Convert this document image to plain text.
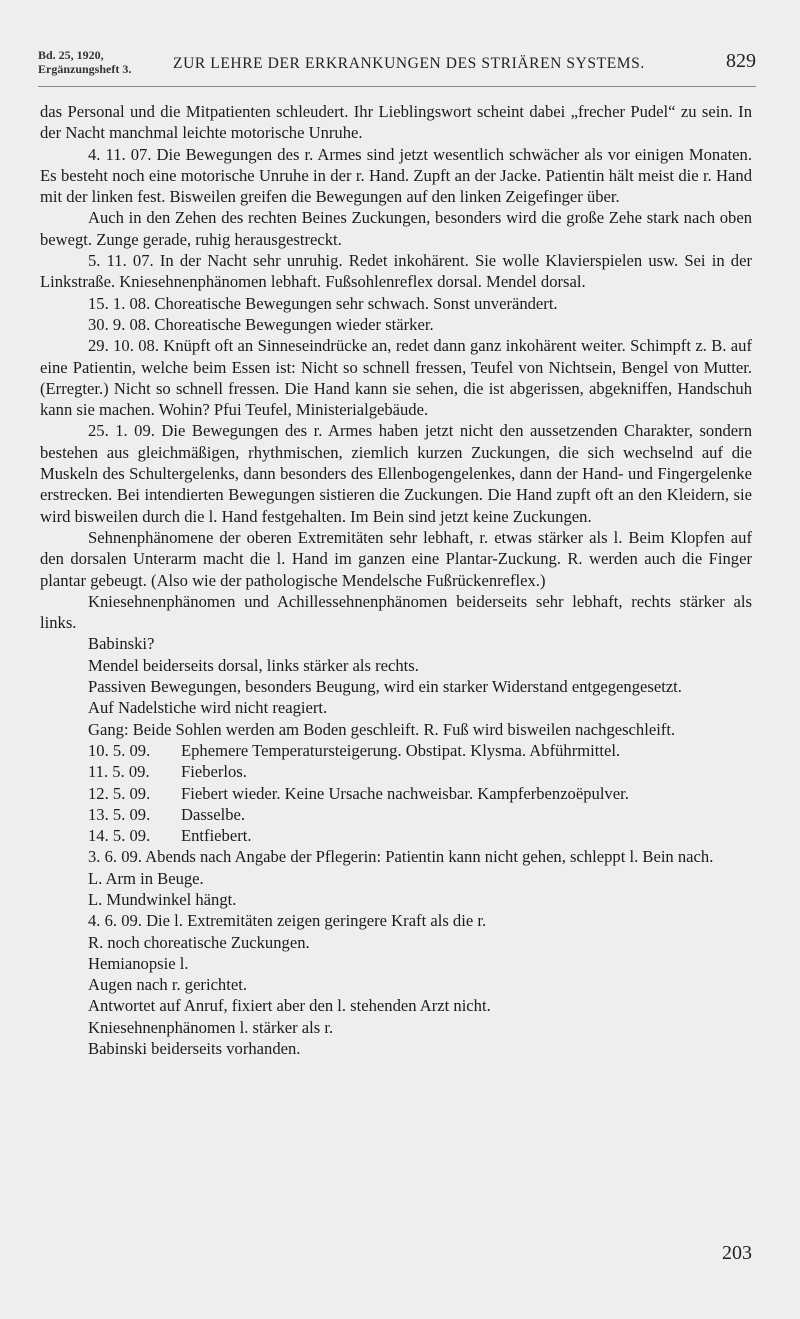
Bd. 25, 1920,
Ergänzungsheft 3.	ZUR LEHRE DER ERKRANKUNGEN DES STRIÄREN SYSTEMS.	829

das Personal und die Mitpatienten schleudert. Ihr Lieblingswort scheint dabei „frecher Pudel“ zu sein. In der Nacht manchmal leichte motorische Unruhe.

4. 11. 07. Die Bewegungen des r. Armes sind jetzt wesentlich schwächer als vor einigen Monaten. Es besteht noch eine motorische Unruhe in der r. Hand. Zupft an der Jacke. Patientin hält meist die r. Hand mit der linken fest. Bisweilen greifen die Bewegungen auf den linken Zeigefinger über.

Auch in den Zehen des rechten Beines Zuckungen, besonders wird die große Zehe stark nach oben bewegt. Zunge gerade, ruhig herausgestreckt.

5. 11. 07. In der Nacht sehr unruhig. Redet inkohärent. Sie wolle Klavierspielen usw. Sei in der Linkstraße. Kniesehnenphänomen lebhaft. Fußsohlenreflex dorsal. Mendel dorsal.

15. 1. 08. Choreatische Bewegungen sehr schwach. Sonst unverändert.

30. 9. 08. Choreatische Bewegungen wieder stärker.

29. 10. 08. Knüpft oft an Sinneseindrücke an, redet dann ganz inkohärent weiter. Schimpft z. B. auf eine Patientin, welche beim Essen ist: Nicht so schnell fressen, Teufel von Nichtsein, Bengel von Mutter. (Erregter.) Nicht so schnell fressen. Die Hand kann sie sehen, die ist abgerissen, abgekniffen, Handschuh kann sie machen. Wohin? Pfui Teufel, Ministerialgebäude.

25. 1. 09. Die Bewegungen des r. Armes haben jetzt nicht den aussetzenden Charakter, sondern bestehen aus gleichmäßigen, rhythmischen, ziemlich kurzen Zuckungen, die sich wechselnd auf die Muskeln des Schultergelenks, dann besonders des Ellenbogengelenkes, dann der Hand- und Fingergelenke erstrecken. Bei intendierten Bewegungen sistieren die Zuckungen. Die Hand zupft oft an den Kleidern, sie wird bisweilen durch die l. Hand festgehalten. Im Bein sind jetzt keine Zuckungen.

Sehnenphänomene der oberen Extremitäten sehr lebhaft, r. etwas stärker als l. Beim Klopfen auf den dorsalen Unterarm macht die l. Hand im ganzen eine Plantar-Zuckung. R. werden auch die Finger plantar gebeugt. (Also wie der pathologische Mendelsche Fußrückenreflex.)

Kniesehnenphänomen und Achillessehnenphänomen beiderseits sehr lebhaft, rechts stärker als links.

Babinski?

Mendel beiderseits dorsal, links stärker als rechts.

Passiven Bewegungen, besonders Beugung, wird ein starker Widerstand entgegengesetzt.

Auf Nadelstiche wird nicht reagiert.

Gang: Beide Sohlen werden am Boden geschleift. R. Fuß wird bisweilen nachgeschleift.

10. 5. 09. Ephemere Temperatursteigerung. Obstipat. Klysma. Abführmittel.
11. 5. 09. Fieberlos.
12. 5. 09. Fiebert wieder. Keine Ursache nachweisbar. Kampferbenzoëpulver.
13. 5. 09. Dasselbe.
14. 5. 09. Entfiebert.

3. 6. 09. Abends nach Angabe der Pflegerin: Patientin kann nicht gehen, schleppt l. Bein nach.

L. Arm in Beuge.

L. Mundwinkel hängt.

4. 6. 09. Die l. Extremitäten zeigen geringere Kraft als die r.

R. noch choreatische Zuckungen.

Hemianopsie l.

Augen nach r. gerichtet.

Antwortet auf Anruf, fixiert aber den l. stehenden Arzt nicht.

Kniesehnenphänomen l. stärker als r.

Babinski beiderseits vorhanden.

203
